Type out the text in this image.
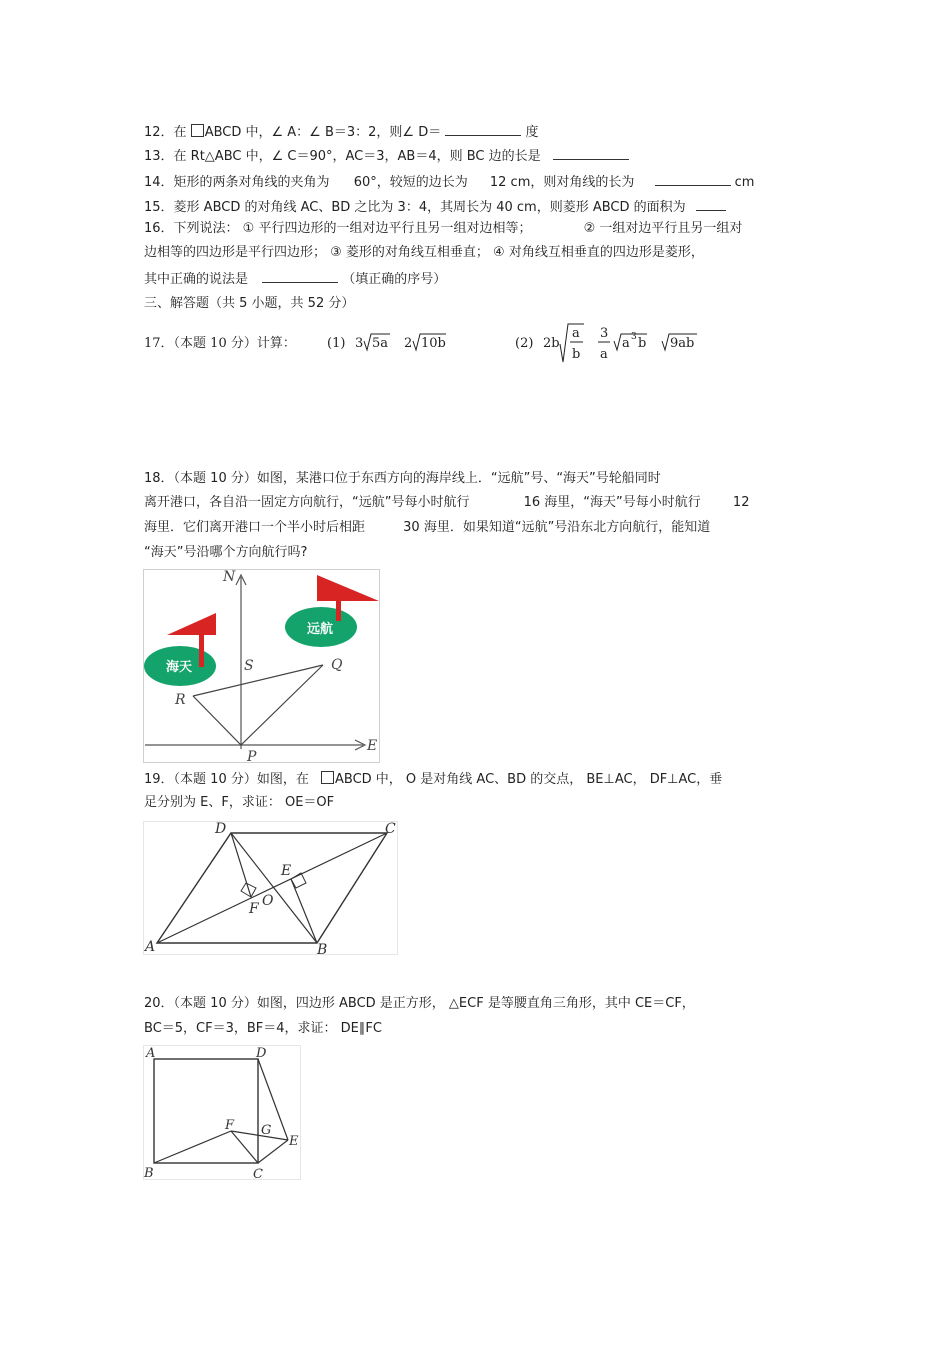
12．在 ABCD 中，∠ A：∠ B＝3：2，则∠ D＝	度
13．在 Rt△ABC 中，∠ C＝90°，AC＝3，AB＝4，则 BC 边的长是
14．矩形的两条对角线的夹角为 60°，较短的边长为 12 cm，则对角线的长为	cm
15．菱形 ABCD 的对角线 AC、BD 之比为 3：4，其周长为 40 cm，则菱形 ABCD 的面积为
16．下列说法： ① 平行四边形的一组对边平行且另一组对边相等；	② 一组对边平行且另一组对
边相等的四边形是平行四边形； ③ 菱形的对角线互相垂直； ④ 对角线互相垂直的四边形是菱形，
其中正确的说法是	（填正确的序号）
三、解答题（共 5 小题，共 52 分）
17．（本题 10 分）计算： (1) 3 5a 2 10b	(2) 2b
a
b
3
a
a 3 b 9ab
18．（本题 10 分）如图，某港口位于东西方向的海岸线上．“远航”号、“海天”号轮船同时
离开港口，各自沿一固定方向航行，“远航”号每小时航行	16 海里，“海天”号每小时航行 12
海里．它们离开港口一个半小时后相距	30 海里．如果知道“远航”号沿东北方向航行，能知道
“海天”号沿哪个方向航行吗?
海天
远航
N
E
P
S	Q
R
19．（本题 10 分）如图，在 ABCD 中， O 是对角线 AC、BD 的交点， BE⊥AC， DF⊥AC，垂
足分别为 E、F，求证： OE＝OF
A	B
C
D
E
F O
20．（本题 10 分）如图，四边形 ABCD 是正方形， △ECF 是等腰直角三角形，其中 CE＝CF，
BC＝5，CF＝3，BF＝4，求证： DE∥FC
A	D
B	C
E
F G
